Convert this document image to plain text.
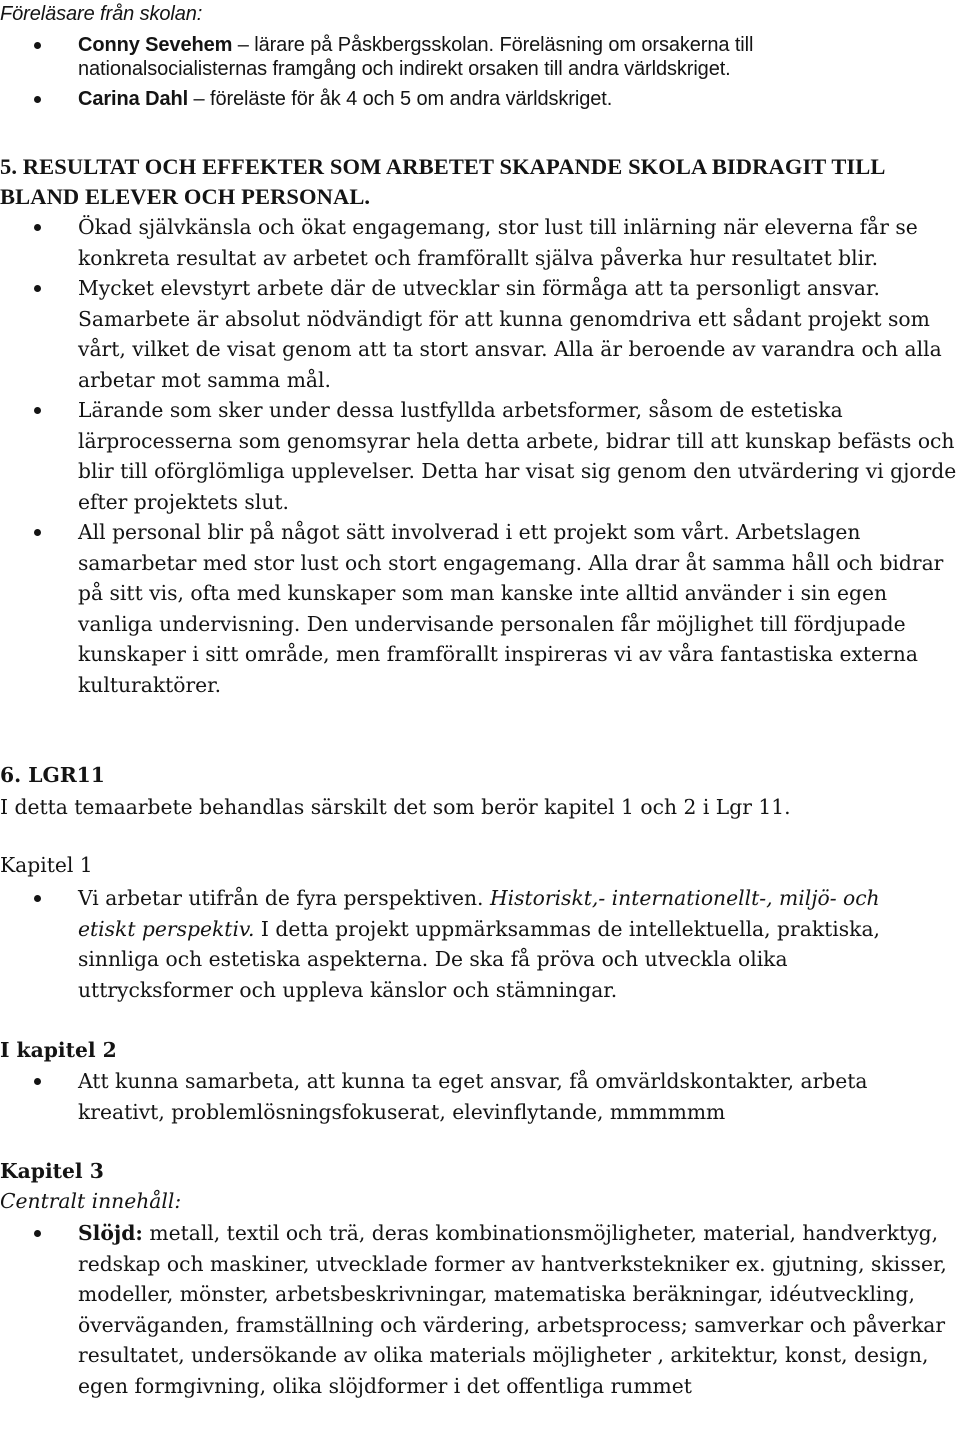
Föreläsare från skolan:
Conny Sevehem – lärare på Påskbergsskolan. Föreläsning om orsakerna till nationalsocialisternas framgång och indirekt orsaken till andra världskriget.
Carina Dahl – föreläste för åk 4 och 5 om andra världskriget.
5. RESULTAT OCH EFFEKTER SOM ARBETET SKAPANDE SKOLA BIDRAGIT TILL BLAND ELEVER OCH PERSONAL.
Ökad självkänsla och ökat engagemang, stor lust till inlärning när eleverna får se konkreta resultat av arbetet och framförallt själva påverka hur resultatet blir.
Mycket elevstyrt arbete där de utvecklar sin förmåga att ta personligt ansvar. Samarbete är absolut nödvändigt för att kunna genomdriva ett sådant projekt som vårt, vilket de visat genom att ta stort ansvar. Alla är beroende av varandra och alla arbetar mot samma mål.
Lärande som sker under dessa lustfyllda arbetsformer, såsom de estetiska lärprocesserna som genomsyrar hela detta arbete, bidrar till att kunskap befästs och blir till oförglömliga upplevelser. Detta har visat sig genom den utvärdering vi gjorde efter projektets slut.
All personal blir på något sätt involverad i ett projekt som vårt. Arbetslagen samarbetar med stor lust och stort engagemang. Alla drar åt samma håll och bidrar på sitt vis, ofta med kunskaper som man kanske inte alltid använder i sin egen vanliga undervisning. Den undervisande personalen får möjlighet till fördjupade kunskaper i sitt område, men framförallt inspireras vi av våra fantastiska externa kulturaktörer.
6. LGR11
I detta temaarbete behandlas särskilt det som berör kapitel 1 och 2 i Lgr 11.
Kapitel 1
Vi arbetar utifrån de fyra perspektiven. Historiskt,- internationellt-, miljö- och etiskt perspektiv. I detta projekt uppmärksammas de intellektuella, praktiska, sinnliga och estetiska aspekterna. De ska få pröva och utveckla olika uttrycksformer och uppleva känslor och stämningar.
I kapitel 2
Att kunna samarbeta, att kunna ta eget ansvar, få omvärldskontakter, arbeta kreativt, problemlösningsfokuserat, elevinflytande, mmmmmm
Kapitel 3
Centralt innehåll:
Slöjd: metall, textil och trä, deras kombinationsmöjligheter, material, handverktyg, redskap och maskiner, utvecklade former av hantverkstekniker ex. gjutning, skisser, modeller, mönster, arbetsbeskrivningar, matematiska beräkningar, idéutveckling, överväganden, framställning och värdering, arbetsprocess; samverkar och påverkar resultatet, undersökande av olika materials möjligheter , arkitektur, konst, design, egen formgivning, olika slöjdformer i det offentliga rummet
